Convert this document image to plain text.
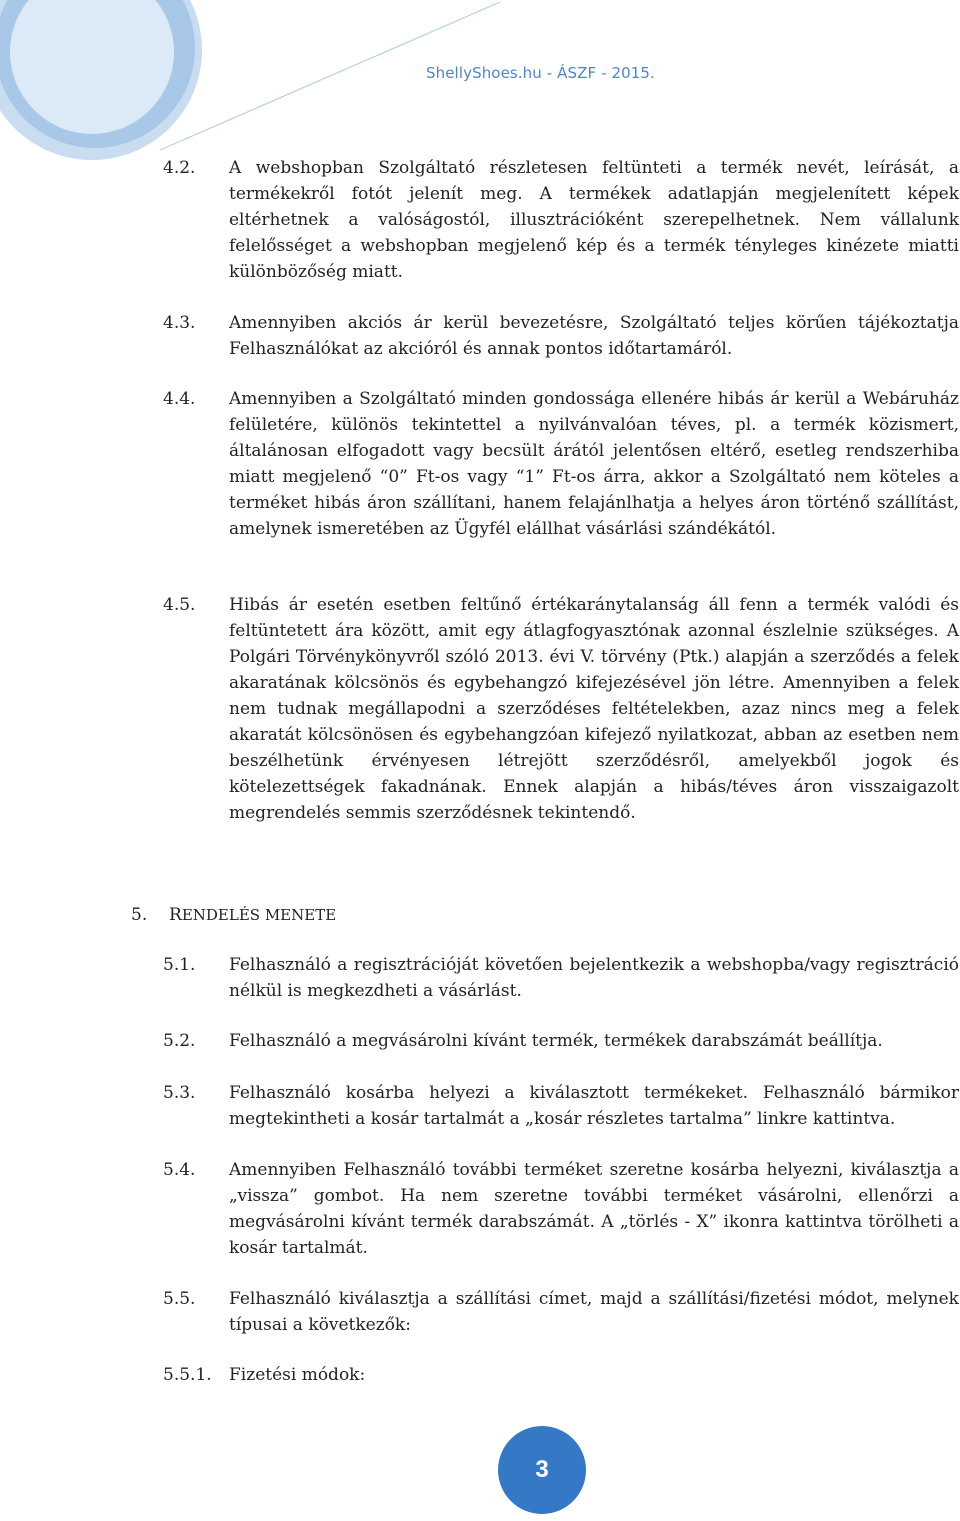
ShellyShoes.hu - ÁSZF - 2015.
4.2.	A webshopban Szolgáltató részletesen feltünteti a termék nevét, leírását, a termékekről fotót jelenít meg. A termékek adatlapján megjelenített képek eltérhetnek a valóságostól, illusztrációként szerepelhetnek. Nem vállalunk felelősséget a webshopban megjelenő kép és a termék tényleges kinézete miatti különbözőség miatt.
4.3.	Amennyiben akciós ár kerül bevezetésre, Szolgáltató teljes körűen tájékoztatja Felhasználókat az akcióról és annak pontos időtartamáról.
4.4.	Amennyiben a Szolgáltató minden gondossága ellenére hibás ár kerül a Webáruház felületére, különös tekintettel a nyilvánvalóan téves, pl. a termék közismert, általánosan elfogadott vagy becsült árától jelentősen eltérő, esetleg rendszerhiba miatt megjelenő “0” Ft-os vagy “1” Ft-os árra, akkor a Szolgáltató nem köteles a terméket hibás áron szállítani, hanem felajánlhatja a helyes áron történő szállítást, amelynek ismeretében az Ügyfél elállhat vásárlási szándékától.
4.5.	Hibás ár esetén esetben feltűnő értékaránytalanság áll fenn a termék valódi és feltüntetett ára között, amit egy átlagfogyasztónak azonnal észlelnie szükséges. A Polgári Törvénykönyvről szóló 2013. évi V. törvény (Ptk.) alapján a szerződés a felek akaratának kölcsönös és egybehangzó kifejezésével jön létre. Amennyiben a felek nem tudnak megállapodni a szerződéses feltételekben, azaz nincs meg a felek akaratát kölcsönösen és egybehangzóan kifejező nyilatkozat, abban az esetben nem beszélhetünk érvényesen létrejött szerződésről, amelyekből jogok és kötelezettségek fakadnának. Ennek alapján a hibás/téves áron visszaigazolt megrendelés semmis szerződésnek tekintendő.
5. RENDELÉS MENETE
5.1.	Felhasználó a regisztrációját követően bejelentkezik a webshopba/vagy regisztráció nélkül is megkezdheti a vásárlást.
5.2.	Felhasználó a megvásárolni kívánt termék, termékek darabszámát beállítja.
5.3.	Felhasználó kosárba helyezi a kiválasztott termékeket. Felhasználó bármikor megtekintheti a kosár tartalmát a „kosár részletes tartalma” linkre kattintva.
5.4.	Amennyiben Felhasználó további terméket szeretne kosárba helyezni, kiválasztja a „vissza” gombot. Ha nem szeretne további terméket vásárolni, ellenőrzi a megvásárolni kívánt termék darabszámát. A „törlés - X” ikonra kattintva törölheti a kosár tartalmát.
5.5.	Felhasználó kiválasztja a szállítási címet, majd a szállítási/fizetési módot, melynek típusai a következők:
5.5.1.	Fizetési módok:
3
